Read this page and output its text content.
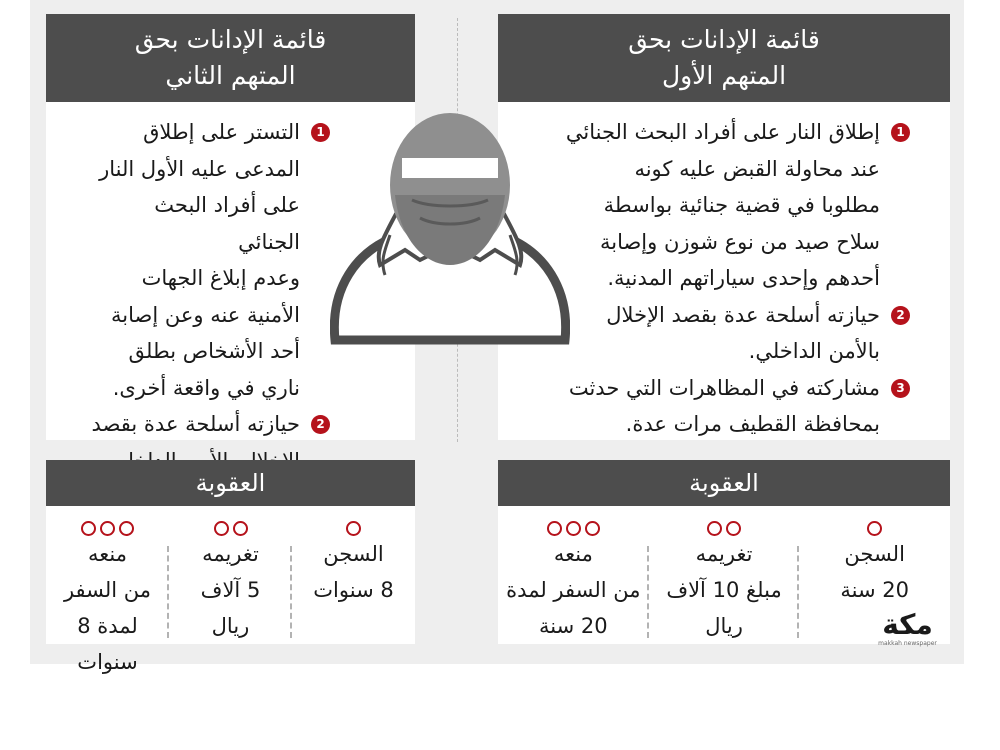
قائمة الإدانات بحق
المتهم الأول
1
إطلاق النار على أفراد البحث الجنائي
عند محاولة القبض عليه كونه
مطلوبا في قضية جنائية بواسطة
سلاح صيد من نوع شوزن وإصابة
أحدهم وإحدى سياراتهم المدنية.
2
حيازته أسلحة عدة بقصد الإخلال
بالأمن الداخلي.
3
مشاركته في المظاهرات التي حدثت
بمحافظة القطيف مرات عدة.
قائمة الإدانات بحق
المتهم الثاني
1
التستر على إطلاق
المدعى عليه الأول النار
على أفراد البحث الجنائي
وعدم إبلاغ الجهات
الأمنية عنه وعن إصابة
أحد الأشخاص بطلق
ناري في واقعة أخرى.
2
حيازته أسلحة عدة بقصد
العقوبة
السجن
20 سنة
تغريمه
مبلغ 10 آلاف
ريال
منعه
من السفر لمدة
20 سنة
العقوبة
السجن
8 سنوات
تغريمه
5 آلاف
ريال
منعه
من السفر
لمدة 8 سنوات
مكة
makkah newspaper
